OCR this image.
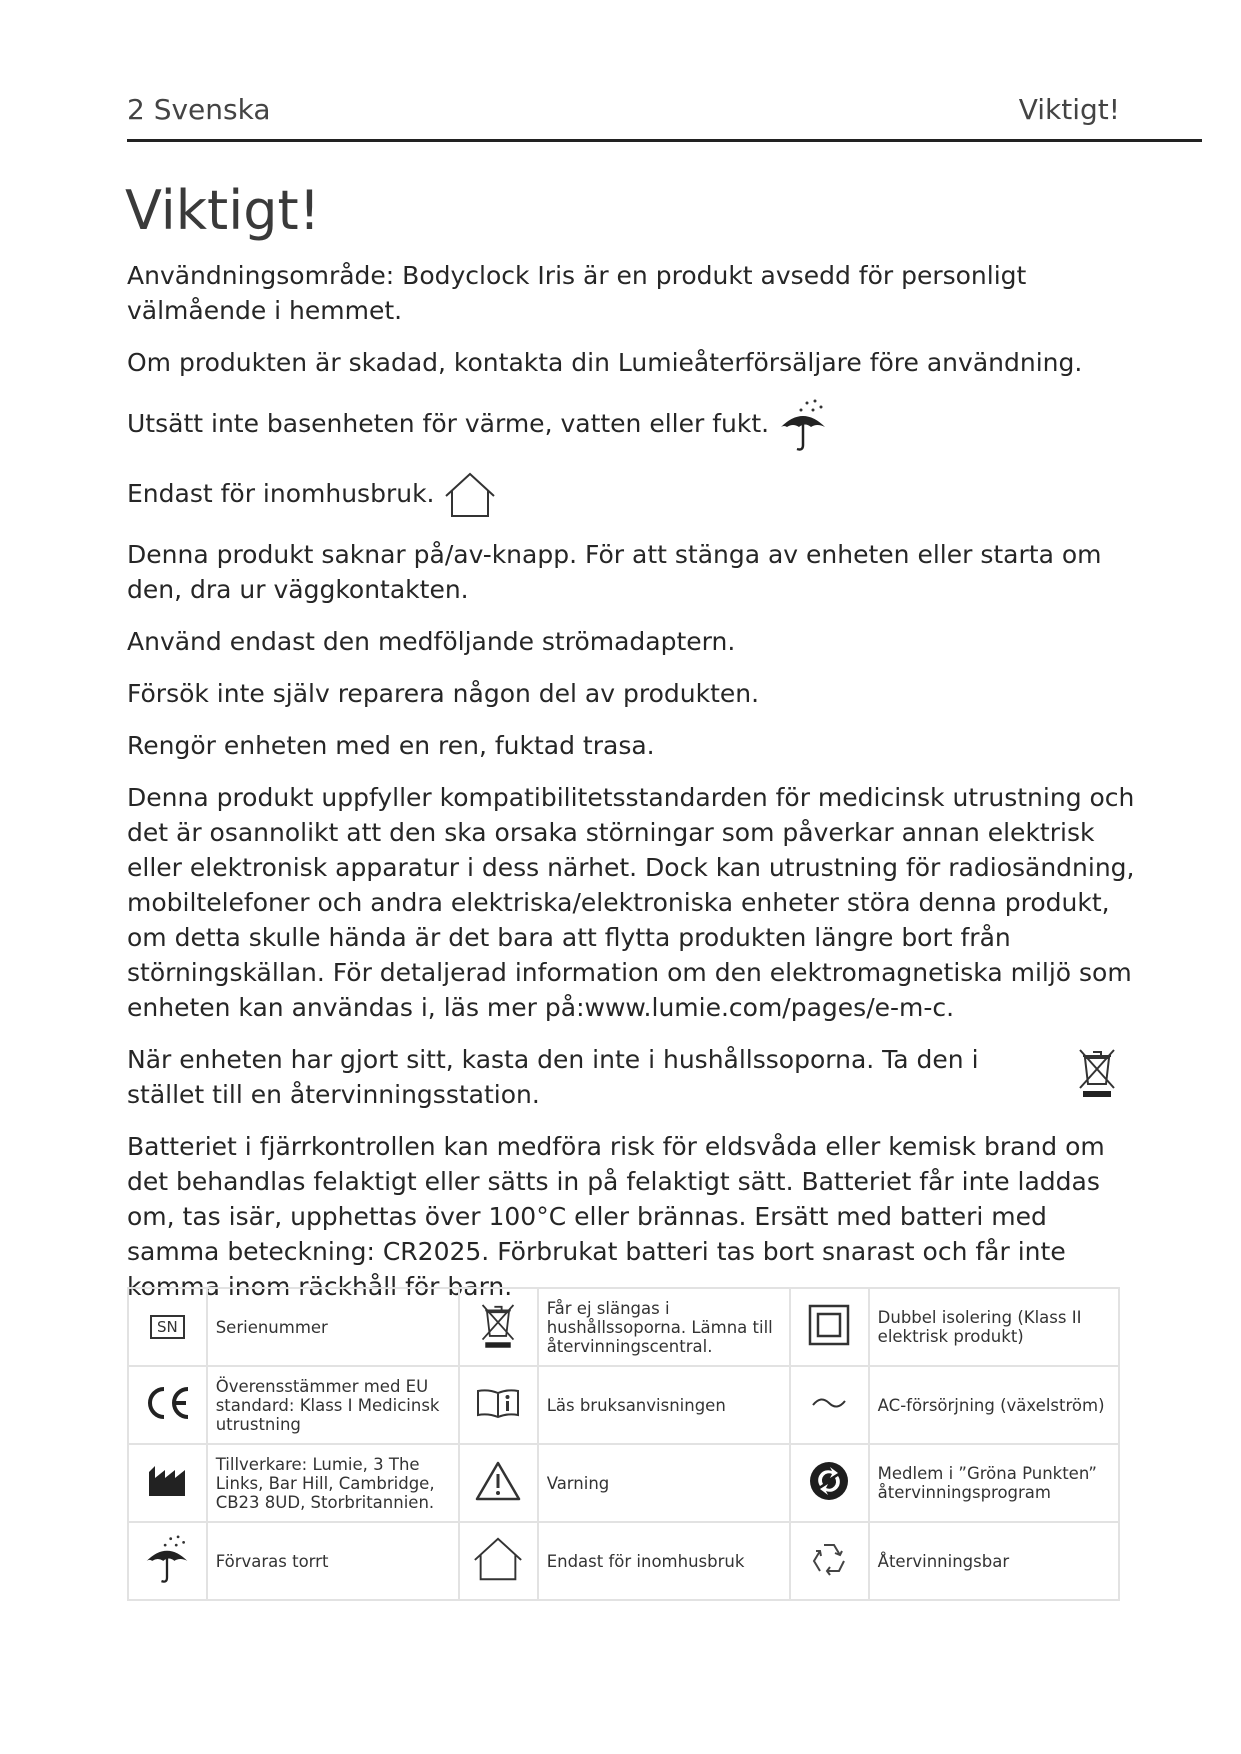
2 Svenska	Viktigt!
Viktigt!

Användningsområde: Bodyclock Iris är en produkt avsedd för personligt välmående i hemmet.

Om produkten är skadad, kontakta din Lumieåterförsäljare före användning.

Utsätt inte basenheten för värme, vatten eller fukt.

Endast för inomhusbruk.

Denna produkt saknar på/av-knapp. För att stänga av enheten eller starta om den, dra ur väggkontakten.

Använd endast den medföljande strömadaptern.

Försök inte själv reparera någon del av produkten.

Rengör enheten med en ren, fuktad trasa.

Denna produkt uppfyller kompatibilitetsstandarden för medicinsk utrustning och det är osannolikt att den ska orsaka störningar som påverkar annan elektrisk eller elektronisk apparatur i dess närhet. Dock kan utrustning för radiosändning, mobiltelefoner och andra elektriska/elektroniska enheter störa denna produkt, om detta skulle hända är det bara att flytta produkten längre bort från störningskällan. För detaljerad information om den elektromagnetiska miljö som enheten kan användas i, läs mer på:www.lumie.com/pages/e-m-c.

När enheten har gjort sitt, kasta den inte i hushållssoporna. Ta den i stället till en återvinningsstation.

Batteriet i fjärrkontrollen kan medföra risk för eldsvåda eller kemisk brand om det behandlas felaktigt eller sätts in på felaktigt sätt. Batteriet får inte laddas om, tas isär, upphettas över 100°C eller brännas. Ersätt med batteri med samma beteckning: CR2025. Förbrukat batteri tas bort snarast och får inte komma inom räckhåll för barn.

SN	Serienummer		Får ej slängas i hushållssoporna. Lämna till återvinningscentral.		Dubbel isolering (Klass II elektrisk produkt)
	Överensstämmer med EU standard: Klass I Medicinsk utrustning		Läs bruksanvisningen		AC-försörjning (växelström)
	Tillverkare: Lumie, 3 The Links, Bar Hill, Cambridge, CB23 8UD, Storbritannien.		Varning		Medlem i ”Gröna Punkten” återvinningsprogram
	Förvaras torrt		Endast för inomhusbruk		Återvinningsbar
